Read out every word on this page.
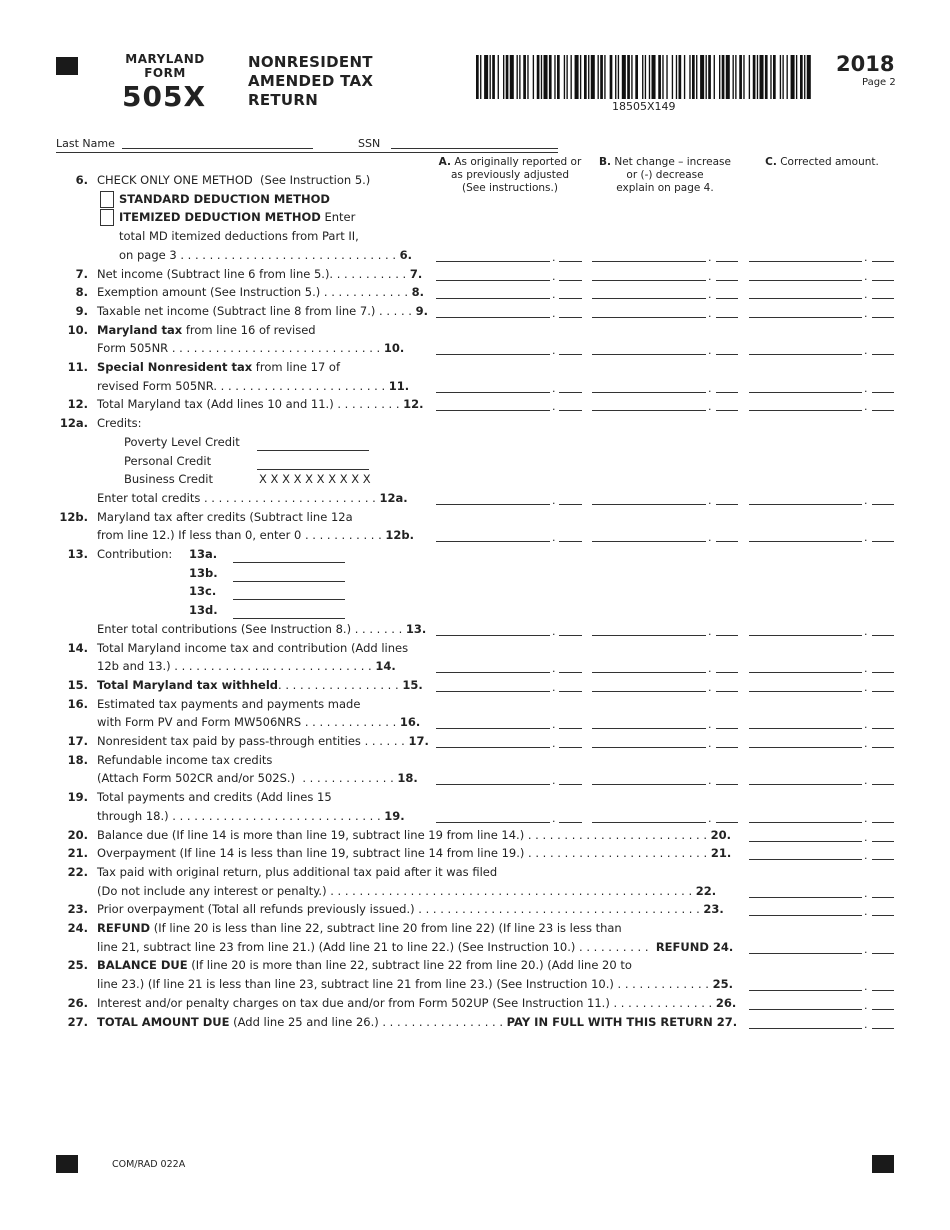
MARYLAND
FORM
505X
NONRESIDENT
AMENDED TAX
RETURN	18505X149
2018
Page 2
Last Name	SSN
A. As originally reported or
as previously adjusted
(See instructions.)
B. Net change – increase
or (-) decrease
explain on page 4.
C. Corrected amount.
6. CHECK ONLY ONE METHOD  (See Instruction 5.)
STANDARD DEDUCTION METHOD
ITEMIZED DEDUCTION METHOD Enter
total MD itemized deductions from Part II,
on page 3 . . . . . . . . . . . . . . . . . . . . . . . . . . . . . . 6.	.	.	.
7. Net income (Subtract line 6 from line 5.). . . . . . . . . . . 7.	.	.	.
8. Exemption amount (See Instruction 5.) . . . . . . . . . . . . 8.	.	.	.
9. Taxable net income (Subtract line 8 from line 7.) . . . . . 9.	.	.	.
10. Maryland tax from line 16 of revised
Form 505NR . . . . . . . . . . . . . . . . . . . . . . . . . . . . . 10.	.	.	.
11. Special Nonresident tax from line 17 of
revised Form 505NR. . . . . . . . . . . . . . . . . . . . . . . . 11.	.	.	.
12. Total Maryland tax (Add lines 10 and 11.) . . . . . . . . . 12.	.	.	.
12a. Credits:
Poverty Level Credit
Personal Credit
Business Credit	X X X X X X X X X X
Enter total credits . . . . . . . . . . . . . . . . . . . . . . . . 12a.	.	.	.
12b. Maryland tax after credits (Subtract line 12a
from line 12.) If less than 0, enter 0 . . . . . . . . . . . 12b.	.	.	.
13. Contribution: 13a.
13b.
13c.
13d.
Enter total contributions (See Instruction 8.) . . . . . . . 13.	.	.	.
14. Total Maryland income tax and contribution (Add lines
12b and 13.) . . . . . . . . . . . . .. . . . . . . . . . . . . . . 14.	.	.	.
15. Total Maryland tax withheld. . . . . . . . . . . . . . . . . 15.	.	.	.
16. Estimated tax payments and payments made
with Form PV and Form MW506NRS . . . . . . . . . . . . . 16.	.	.	.
17. Nonresident tax paid by pass-through entities . . . . . . 17.	.	.	.
18. Refundable income tax credits
(Attach Form 502CR and/or 502S.)  . . . . . . . . . . . . . 18.	.	.	.
19. Total payments and credits (Add lines 15
through 18.) . . . . . . . . . . . . . . . . . . . . . . . . . . . . . 19.	.	.	.
20. Balance due (If line 14 is more than line 19, subtract line 19 from line 14.) . . . . . . . . . . . . . . . . . . . . . . . . . 20.	.
21. Overpayment (If line 14 is less than line 19, subtract line 14 from line 19.) . . . . . . . . . . . . . . . . . . . . . . . . . 21.	.
22. Tax paid with original return, plus additional tax paid after it was filed
(Do not include any interest or penalty.) . . . . . . . . . . . . . . . . . . . . . . . . . . . . . . . . . . . . . . . . . . . . . . . . . . 22.	.
23. Prior overpayment (Total all refunds previously issued.) . . . . . . . . . . . . . . . . . . . . . . . . . . . . . . . . . . . . . . . 23.	.
24. REFUND (If line 20 is less than line 22, subtract line 20 from line 22) (If line 23 is less than
line 21, subtract line 23 from line 21.) (Add line 21 to line 22.) (See Instruction 10.) . . . . . . . . . .  REFUND 24.	.
25. BALANCE DUE (If line 20 is more than line 22, subtract line 22 from line 20.) (Add line 20 to
line 23.) (If line 21 is less than line 23, subtract line 21 from line 23.) (See Instruction 10.) . . . . . . . . . . . . . 25.	.
26. Interest and/or penalty charges on tax due and/or from Form 502UP (See Instruction 11.) . . . . . . . . . . . . . . 26.	.
27. TOTAL AMOUNT DUE (Add line 25 and line 26.) . . . . . . . . . . . . . . . . . PAY IN FULL WITH THIS RETURN 27.	.
COM/RAD 022A
